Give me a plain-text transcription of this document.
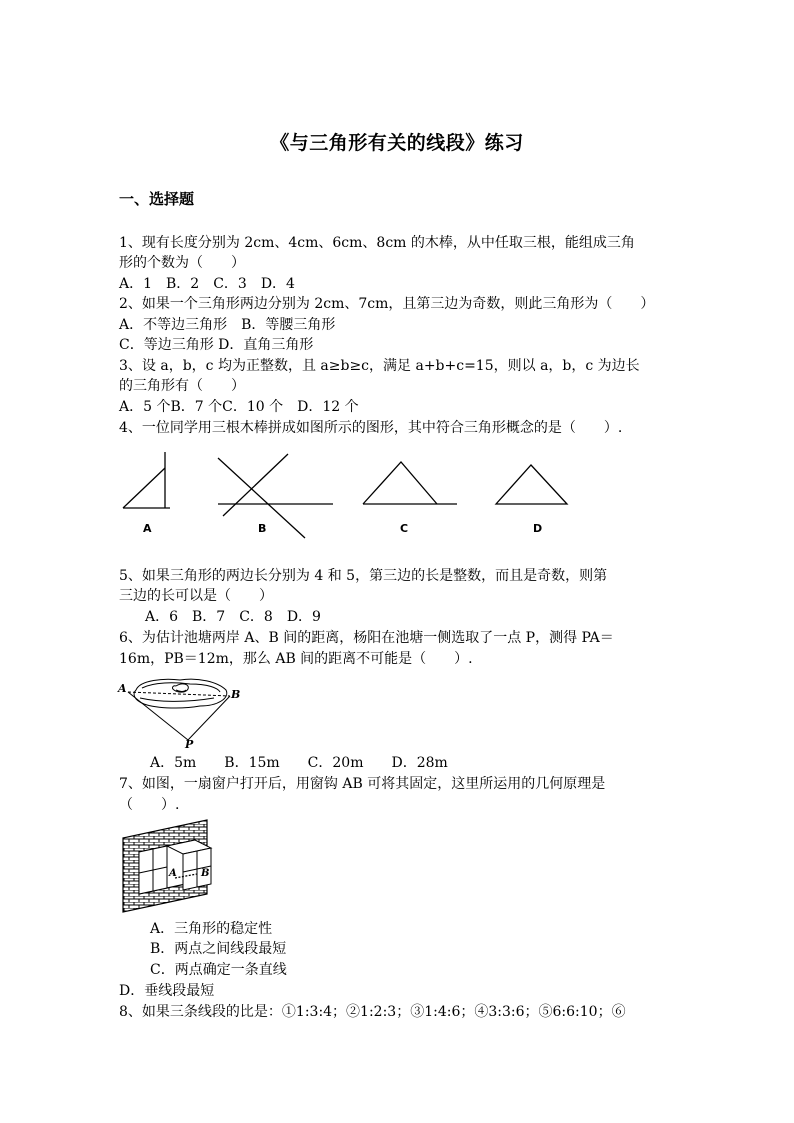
《与三角形有关的线段》练习
一、选择题
1、现有长度分别为 2cm、4cm、6cm、8cm 的木棒，从中任取三根，能组成三角
形的个数为（　　）
A．1　B．2　C．3　D．4
2、如果一个三角形两边分别为 2cm、7cm，且第三边为奇数，则此三角形为（　　）
A．不等边三角形　B．等腰三角形
C．等边三角形 D．直角三角形
3、设 a，b，c 均为正整数，且 a≥b≥c，满足 a+b+c=15，则以 a，b，c 为边长
的三角形有（　　）
A．5 个B．7 个C．10 个　D．12 个
4、一位同学用三根木棒拼成如图所示的图形，其中符合三角形概念的是（　　）.
A	B	C	D
5、如果三角形的两边长分别为 4 和 5，第三边的长是整数，而且是奇数，则第
三边的长可以是（　　）
A．6　B．7　C．8　D．9
6、为估计池塘两岸 A、B 间的距离，杨阳在池塘一侧选取了一点 P，测得 PA＝
16m，PB＝12m，那么 AB 间的距离不可能是（　　）.
A	B
P
A．5m　　B．15m　　C．20m　　D．28m
7、如图，一扇窗户打开后，用窗钩 AB 可将其固定，这里所运用的几何原理是
（　　）.
A B
A．三角形的稳定性
B．两点之间线段最短
C．两点确定一条直线
D．垂线段最短
8、如果三条线段的比是：①1:3:4；②1:2:3；③1:4:6；④3:3:6；⑤6:6:10；⑥
